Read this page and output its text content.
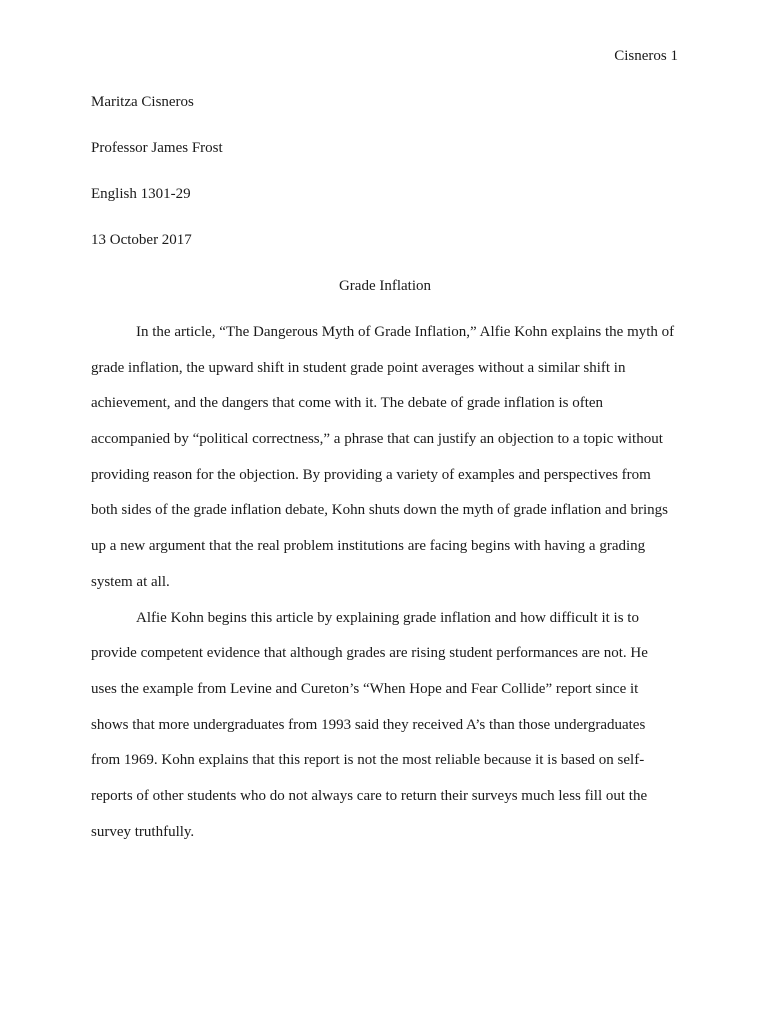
Cisneros 1
Maritza Cisneros
Professor James Frost
English 1301-29
13 October 2017
Grade Inflation
In the article, “The Dangerous Myth of Grade Inflation,” Alfie Kohn explains the myth of
grade inflation, the upward shift in student grade point averages without a similar shift in
achievement, and the dangers that come with it. The debate of grade inflation is often
accompanied by “political correctness,” a phrase that can justify an objection to a topic without
providing reason for the objection. By providing a variety of examples and perspectives from
both sides of the grade inflation debate, Kohn shuts down the myth of grade inflation and brings
up a new argument that the real problem institutions are facing begins with having a grading
system at all.
Alfie Kohn begins this article by explaining grade inflation and how difficult it is to
provide competent evidence that although grades are rising student performances are not. He
uses the example from Levine and Cureton’s “When Hope and Fear Collide” report since it
shows that more undergraduates from 1993 said they received A’s than those undergraduates
from 1969. Kohn explains that this report is not the most reliable because it is based on self-
reports of other students who do not always care to return their surveys much less fill out the
survey truthfully.
